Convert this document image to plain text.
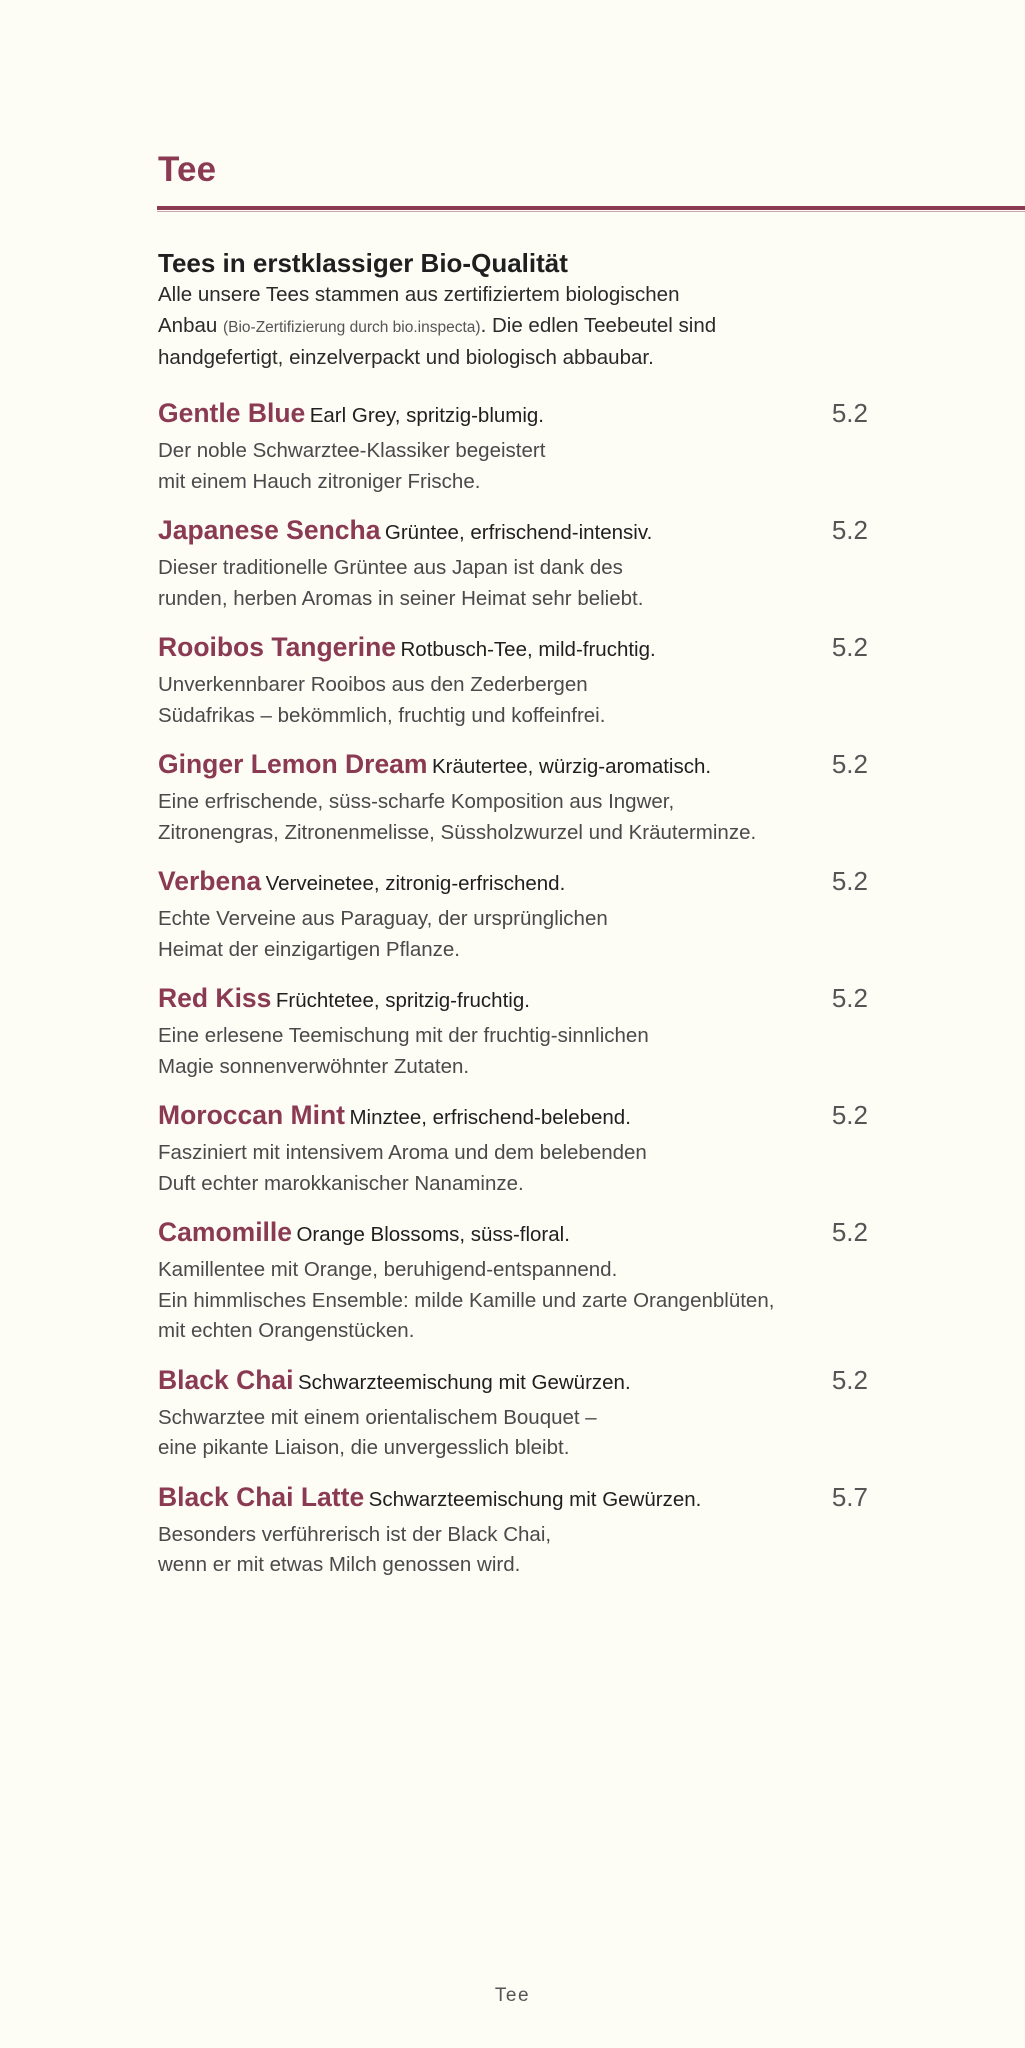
Tee
Tees in erstklassiger Bio-Qualität

Alle unsere Tees stammen aus zertifiziertem biologischen
Anbau (Bio-Zertifizierung durch bio.inspecta). Die edlen Teebeutel sind
handgefertigt, einzelverpackt und biologisch abbaubar.

Gentle Blue Earl Grey, spritzig-blumig.	5.2
Der noble Schwarztee-Klassiker begeistert
mit einem Hauch zitroniger Frische.
Japanese Sencha Grüntee, erfrischend-intensiv.	5.2
Dieser traditionelle Grüntee aus Japan ist dank des
runden, herben Aromas in seiner Heimat sehr beliebt.
Rooibos Tangerine Rotbusch-Tee, mild-fruchtig.	5.2
Unverkennbarer Rooibos aus den Zederbergen
Südafrikas – bekömmlich, fruchtig und koffeinfrei.
Ginger Lemon Dream Kräutertee, würzig-aromatisch.	5.2
Eine erfrischende, süss-scharfe Komposition aus Ingwer,
Zitronengras, Zitronenmelisse, Süssholzwurzel und Kräuterminze.
Verbena Verveinetee, zitronig-erfrischend.	5.2
Echte Verveine aus Paraguay, der ursprünglichen
Heimat der einzigartigen Pflanze.
Red Kiss Früchtetee, spritzig-fruchtig.	5.2
Eine erlesene Teemischung mit der fruchtig-sinnlichen
Magie sonnenverwöhnter Zutaten.
Moroccan Mint Minztee, erfrischend-belebend.	5.2
Fasziniert mit intensivem Aroma und dem belebenden
Duft echter marokkanischer Nanaminze.
Camomille Orange Blossoms, süss-floral.	5.2
Kamillentee mit Orange, beruhigend-entspannend.
Ein himmlisches Ensemble: milde Kamille und zarte Orangenblüten,
mit echten Orangenstücken.
Black Chai Schwarzteemischung mit Gewürzen.	5.2
Schwarztee mit einem orientalischem Bouquet –
eine pikante Liaison, die unvergesslich bleibt.
Black Chai Latte Schwarzteemischung mit Gewürzen.	5.7
Besonders verführerisch ist der Black Chai,
wenn er mit etwas Milch genossen wird.
Tee
